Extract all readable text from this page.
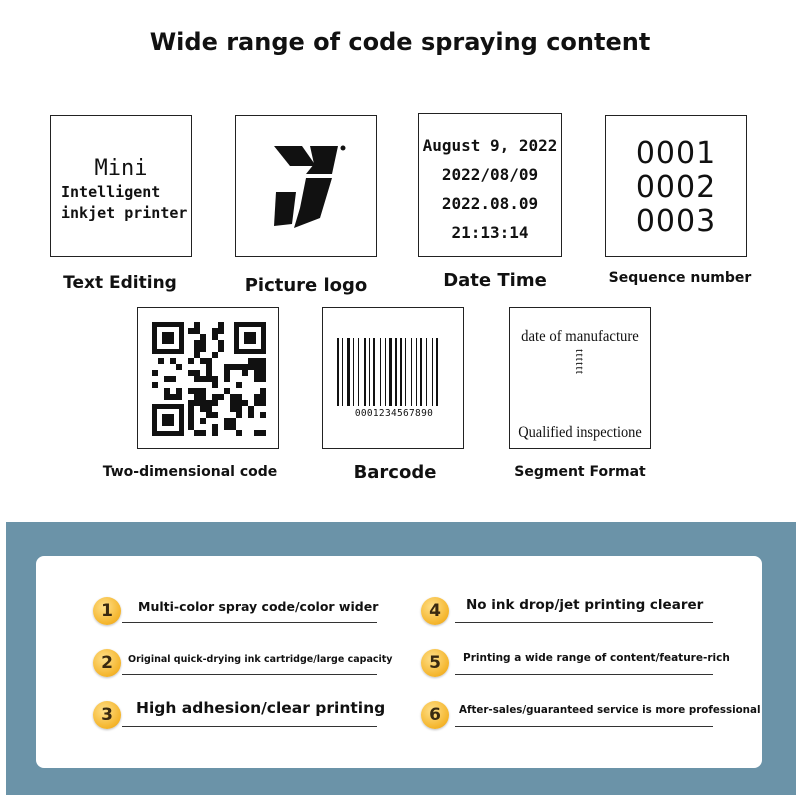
Wide range of code spraying content
Mini
Intelligent
inkjet printer
Text Editing	Picture logo
August 9, 2022
2022/08/09
2022.08.09
21:13:14
Date Time
0001
0002
0003
Sequence number
Two-dimensional code
0001234567890
Barcode
date of manufacture
tttttt
Qualified inspectione
Segment Format
1	Multi-color spray code/color wider
2	Original quick-drying ink cartridge/large capacity
3	High adhesion/clear printing
4	No ink drop/jet printing clearer
5	Printing a wide range of content/feature-rich
6	After-sales/guaranteed service is more professional
